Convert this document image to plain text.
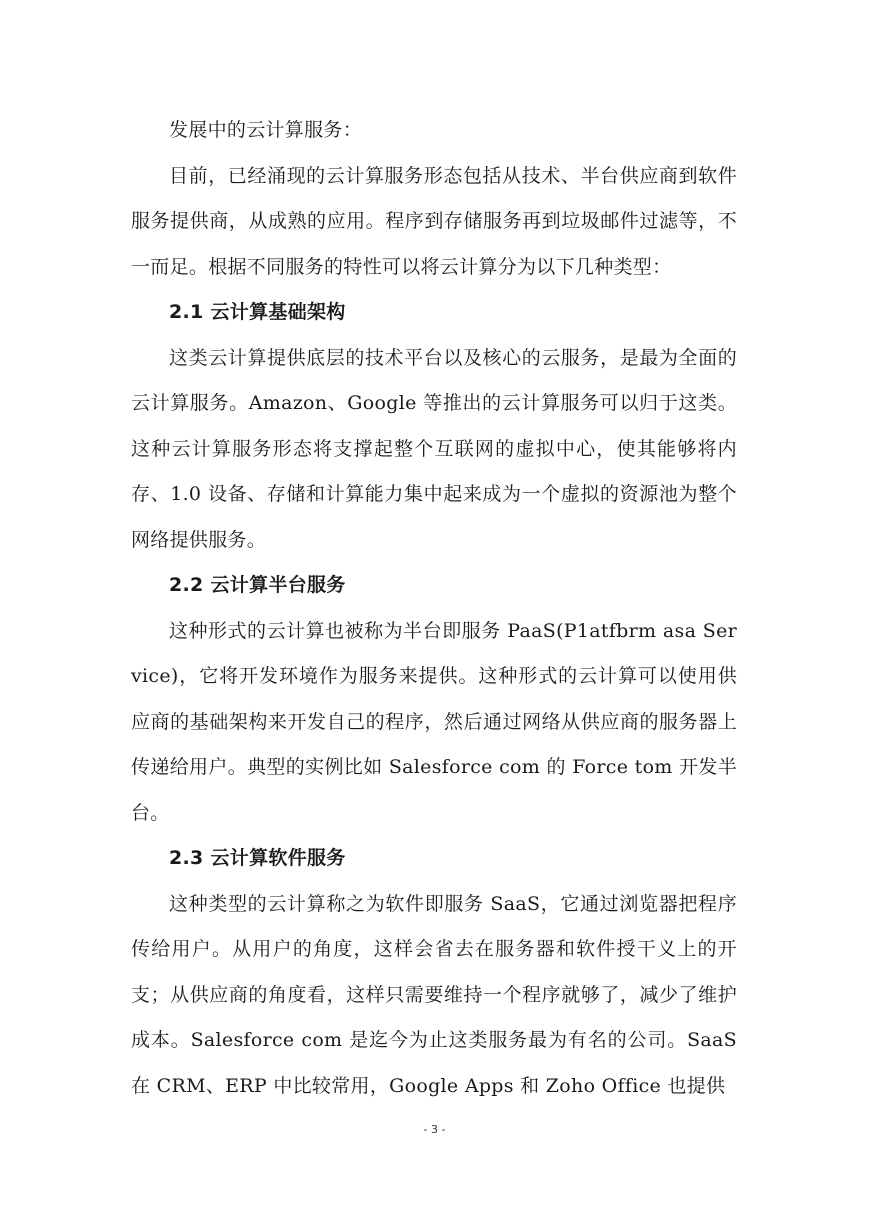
发展中的云计算服务：

目前，已经涌现的云计算服务形态包括从技术、半台供应商到软件服务提供商，从成熟的应用。程序到存储服务再到垃圾邮件过滤等，不一而足。根据不同服务的特性可以将云计算分为以下几种类型：

2.1 云计算基础架构

这类云计算提供底层的技术平台以及核心的云服务，是最为全面的云计算服务。Amazon、Google 等推出的云计算服务可以归于这类。这种云计算服务形态将支撑起整个互联网的虚拟中心，使其能够将内存、1.0 设备、存储和计算能力集中起来成为一个虚拟的资源池为整个网络提供服务。

2.2 云计算半台服务

这种形式的云计算也被称为半台即服务 PaaS(P1atfbrm asa Service)，它将开发环境作为服务来提供。这种形式的云计算可以使用供应商的基础架构来开发自己的程序，然后通过网络从供应商的服务器上传递给用户。典型的实例比如 Salesforce com 的 Force tom 开发半台。

2.3 云计算软件服务

这种类型的云计算称之为软件即服务 SaaS，它通过浏览器把程序传给用户。从用户的角度，这样会省去在服务器和软件授干义上的开支；从供应商的角度看，这样只需要维持一个程序就够了，减少了维护成本。Salesforce com 是迄今为止这类服务最为有名的公司。SaaS 在 CRM、ERP 中比较常用，Google Apps 和 Zoho Office 也提供

- 3 -
